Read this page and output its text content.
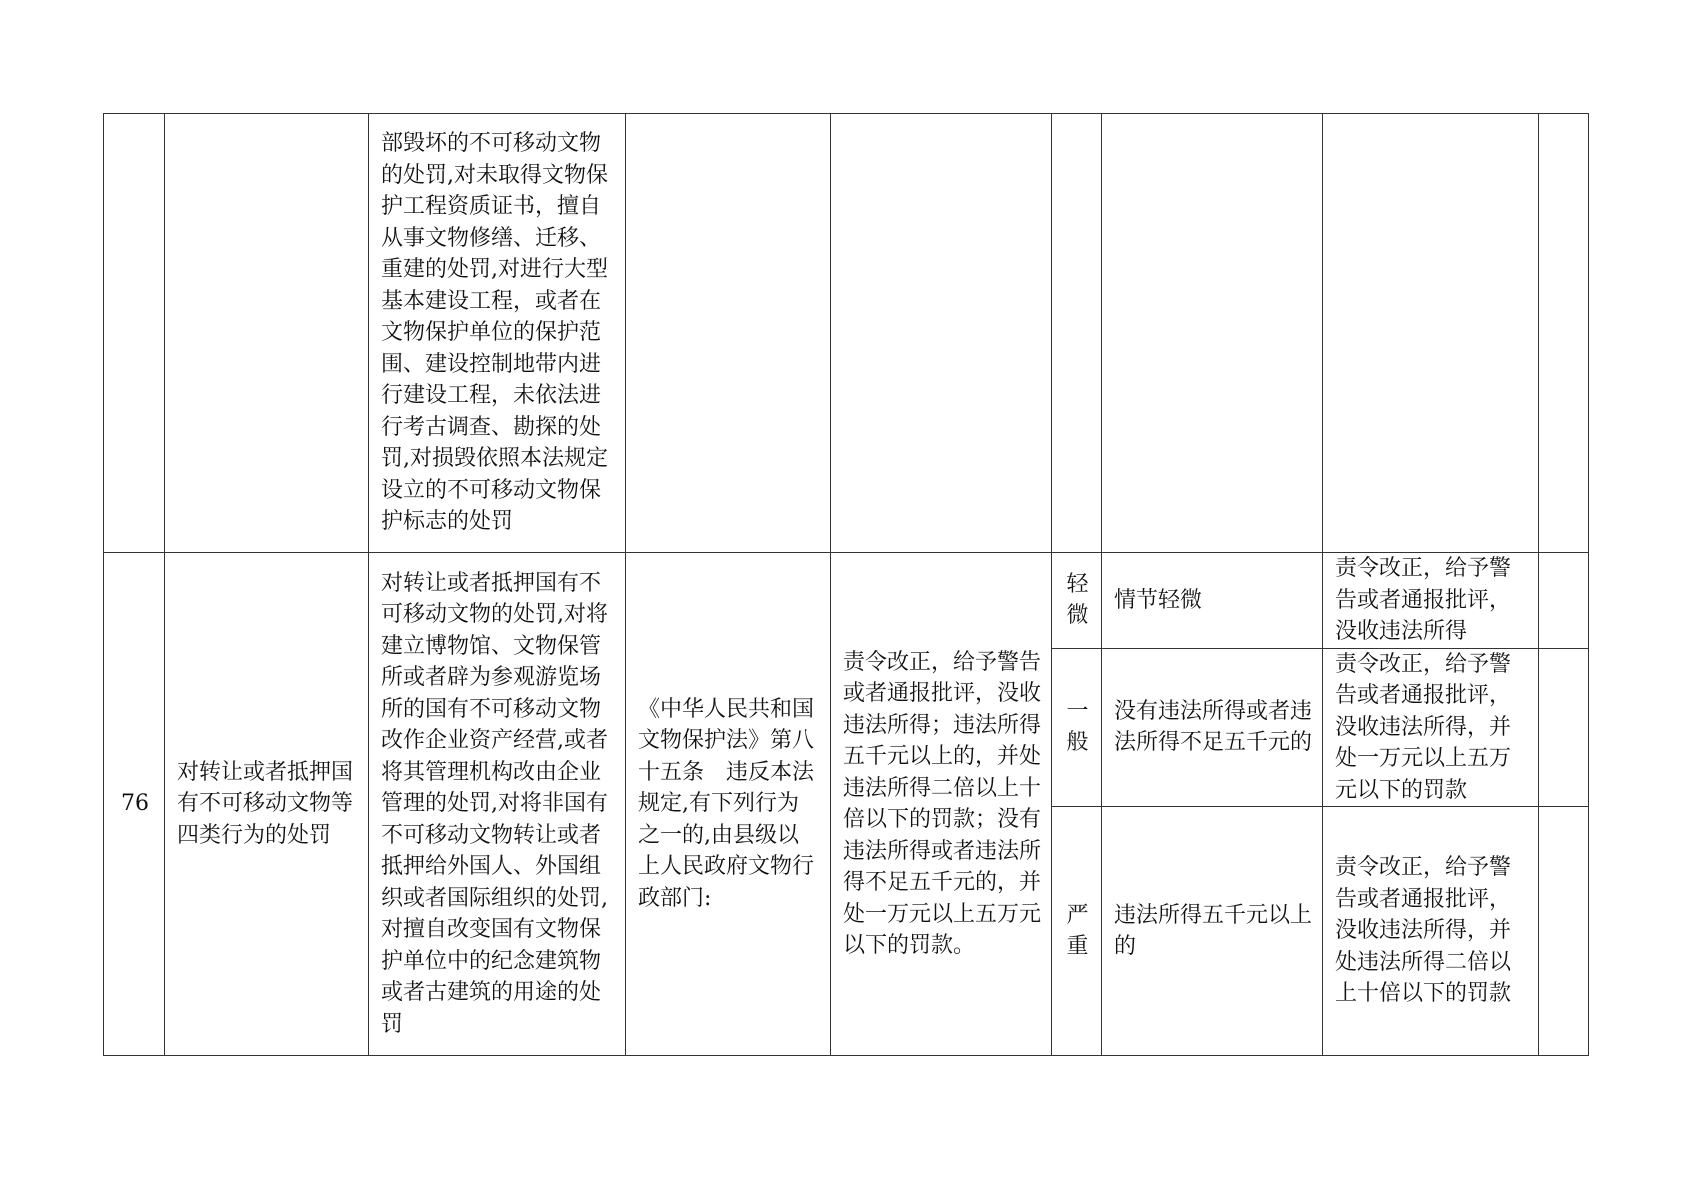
		部毁坏的不可移动文物的处罚,对未取得文物保护工程资质证书，擅自从事文物修缮、迁移、重建的处罚,对进行大型基本建设工程，或者在文物保护单位的保护范围、建设控制地带内进行建设工程，未依法进行考古调查、勘探的处罚,对损毁依照本法规定设立的不可移动文物保护标志的处罚						
76	对转让或者抵押国有不可移动文物等四类行为的处罚	对转让或者抵押国有不可移动文物的处罚,对将建立博物馆、文物保管所或者辟为参观游览场所的国有不可移动文物改作企业资产经营,或者将其管理机构改由企业管理的处罚,对将非国有不可移动文物转让或者抵押给外国人、外国组织或者国际组织的处罚,对擅自改变国有文物保护单位中的纪念建筑物或者古建筑的用途的处罚	《中华人民共和国文物保护法》第八十五条　违反本法规定,有下列行为之一的,由县级以上人民政府文物行政部门:	责令改正，给予警告或者通报批评，没收违法所得；违法所得五千元以上的，并处违法所得二倍以上十倍以下的罚款；没有违法所得或者违法所得不足五千元的，并处一万元以上五万元以下的罚款。	轻微	情节轻微	责令改正，给予警告或者通报批评，没收违法所得	
					一般	没有违法所得或者违法所得不足五千元的	责令改正，给予警告或者通报批评，没收违法所得，并处一万元以上五万元以下的罚款	
					严重	违法所得五千元以上的	责令改正，给予警告或者通报批评，没收违法所得，并处违法所得二倍以上十倍以下的罚款	
